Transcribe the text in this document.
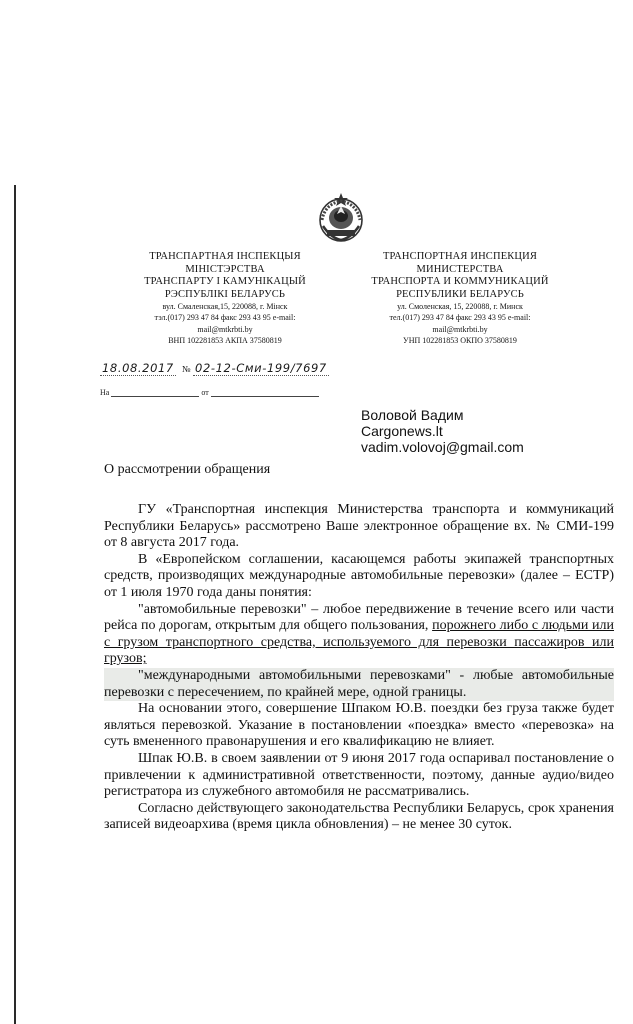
ТРАНСПАРТНАЯ ІНСПЕКЦЫЯ
МІНІСТЭРСТВА
ТРАНСПАРТУ І КАМУНІКАЦЫЙ
РЭСПУБЛІКІ БЕЛАРУСЬ
вул. Смаленская,15, 220088, г. Мінск
тэл.(017) 293 47 84 факс 293 43 95 e-mail:
mail@mtkrbti.by
ВНП 102281853 АКПА 37580819
ТРАНСПОРТНАЯ ИНСПЕКЦИЯ
МИНИСТЕРСТВА
ТРАНСПОРТА И КОММУНИКАЦИЙ
РЕСПУБЛИКИ БЕЛАРУСЬ
ул. Смоленская, 15, 220088, г. Минск
тел.(017) 293 47 84 факс 293 43 95 e-mail:
mail@mtkrbti.by
УНП 102281853 ОКПО 37580819
18.08.2017 № 02-12-Сми-199/7697
На	от
Воловой Вадим
Cargonews.lt
vadim.volovoj@gmail.com
О рассмотрении обращения

ГУ «Транспортная инспекция Министерства транспорта и коммуникаций Республики Беларусь» рассмотрено Ваше электронное обращение вх. № СМИ-199 от 8 августа 2017 года.

В «Европейском соглашении, касающемся работы экипажей транспортных средств, производящих международные автомобильные перевозки» (далее – ЕСТР) от 1 июля 1970 года даны понятия:

"автомобильные перевозки" – любое передвижение в течение всего или части рейса по дорогам, открытым для общего пользования, порожнего либо с людьми или с грузом транспортного средства, используемого для перевозки пассажиров или грузов;

"международными автомобильными перевозками" - любые автомобильные перевозки с пересечением, по крайней мере, одной границы.

На основании этого, совершение Шпаком Ю.В. поездки без груза также будет являться перевозкой. Указание в постановлении «поездка» вместо «перевозка» на суть вмененного правонарушения и его квалификацию не влияет.

Шпак Ю.В. в своем заявлении от 9 июня 2017 года оспаривал постановление о привлечении к административной ответственности, поэтому, данные аудио/видео регистратора из служебного автомобиля не рассматривались.

Согласно действующего законодательства Республики Беларусь, срок хранения записей видеоархива (время цикла обновления) – не менее 30 суток.
